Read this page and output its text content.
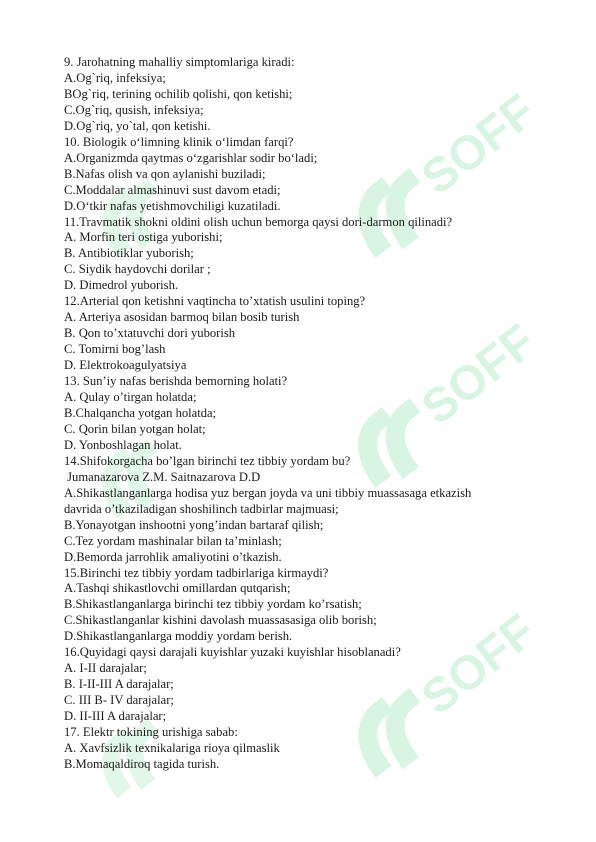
SOFF
SOFF
SOFF
9. Jarohatning mahalliy simptomlariga kiradi:
A.Og`riq, infeksiya;
BOg`riq, terining ochilib qolishi, qon ketishi;
C.Og`riq, qusish, infeksiya;
D.Og`riq, yo`tal, qon ketishi.
10. Biologik o‘limning klinik o‘limdan farqi?
A.Organizmda qaytmas o‘zgarishlar sodir bo‘ladi;
B.Nafas olish va qon aylanishi buziladi;
C.Moddalar almashinuvi sust davom etadi;
D.O‘tkir nafas yetishmovchiligi kuzatiladi.
11.Travmatik shokni oldini olish uchun bemorga qaysi dori-darmon qilinadi?
A. Morfin teri ostiga yuborishi;
B. Antibiotiklar yuborish;
C. Siydik haydovchi dorilar ;
D. Dimedrol yuborish.
12.Arterial qon ketishni vaqtincha to’xtatish usulini toping?
A. Arteriya asosidan barmoq bilan bosib turish
B. Qon to’xtatuvchi dori yuborish
C. Tomirni bog’lash
D. Elektrokoagulyatsiya
13. Sun’iy nafas berishda bemorning holati?
A. Qulay o’tirgan holatda;
B.Chalqancha yotgan holatda;
C. Qorin bilan yotgan holat;
D. Yonboshlagan holat.
14.Shifokorgacha bo’lgan birinchi tez tibbiy yordam bu?
Jumanazarova Z.M. Saitnazarova D.D
A.Shikastlanganlarga hodisa yuz bergan joyda va uni tibbiy muassasaga etkazish
davrida o’tkaziladigan shoshilinch tadbirlar majmuasi;
B.Yonayotgan inshootni yong’indan bartaraf qilish;
C.Tez yordam mashinalar bilan ta’minlash;
D.Bemorda jarrohlik amaliyotini o’tkazish.
15.Birinchi tez tibbiy yordam tadbirlariga kirmaydi?
A.Tashqi shikastlovchi omillardan qutqarish;
B.Shikastlanganlarga birinchi tez tibbiy yordam ko’rsatish;
C.Shikastlanganlar kishini davolash muassasasiga olib borish;
D.Shikastlanganlarga moddiy yordam berish.
16.Quyidagi qaysi darajali kuyishlar yuzaki kuyishlar hisoblanadi?
A. I-II darajalar;
B. I-II-III A darajalar;
C. III B- IV darajalar;
D. II-III A darajalar;
17. Elektr tokining urishiga sabab:
A. Xavfsizlik texnikalariga rioya qilmaslik
B.Momaqaldiroq tagida turish.
